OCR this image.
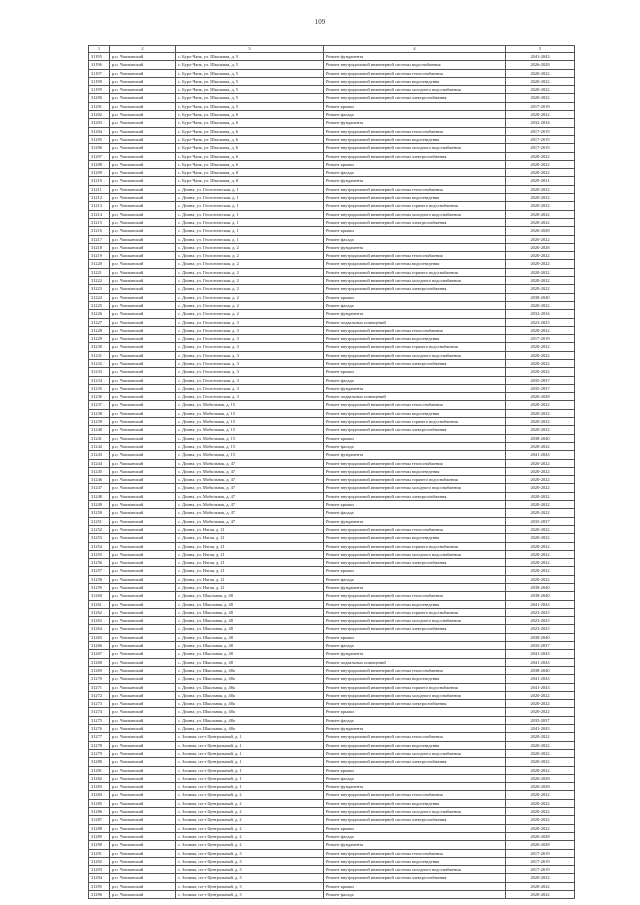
109
1	2	3	4	5
31195	р.п. Чаплынский	с. Бурл-Чань, ул. Школьная, д. 5	Ремонт фундамента	2041-2043
31196	р.п. Чаплынский	с. Бурл-Чань, ул. Школьная, д. 5	Ремонт внутридомовой инженерной системы водоснабжения	2026-2028
31197	р.п. Чаплынский	с. Бурл-Чань, ул. Школьная, д. 5	Ремонт внутридомовой инженерной системы теплоснабжения	2020-2022
31198	р.п. Чаплынский	с. Бурл-Чань, ул. Школьная, д. 5	Ремонт внутридомовой инженерной системы водоотведения	2020-2022
31199	р.п. Чаплынский	с. Бурл-Чань, ул. Школьная, д. 5	Ремонт внутридомовой инженерной системы холодного водоснабжения	2020-2022
31200	р.п. Чаплынский	с. Бурл-Чань, ул. Школьная, д. 5	Ремонт внутридомовой инженерной системы электроснабжения	2020-2022
31201	р.п. Чаплынский	с. Бурл-Чань, ул. Школьная, д. 5	Ремонт крыши	2017-2019
31202	р.п. Чаплынский	с. Бурл-Чань, ул. Школьная, д. 6	Ремонт фасада	2020-2022
31203	р.п. Чаплынский	с. Бурл-Чань, ул. Школьная, д. 6	Ремонт фундамента	2032-2034
31204	р.п. Чаплынский	с. Бурл-Чань, ул. Школьная, д. 6	Ремонт внутридомовой инженерной системы теплоснабжения	2017-2019
31205	р.п. Чаплынский	с. Бурл-Чань, ул. Школьная, д. 6	Ремонт внутридомовой инженерной системы водоотведения	2017-2019
31206	р.п. Чаплынский	с. Бурл-Чань, ул. Школьная, д. 6	Ремонт внутридомовой инженерной системы холодного водоснабжения	2017-2019
31207	р.п. Чаплынский	с. Бурл-Чань, ул. Школьная, д. 6	Ремонт внутридомовой инженерной системы электроснабжения	2020-2022
31208	р.п. Чаплынский	с. Бурл-Чань, ул. Школьная, д. 6	Ремонт крыши	2020-2022
31209	р.п. Чаплынский	с. Бурл-Чань, ул. Школьная, д. 8	Ремонт фасада	2020-2022
31210	р.п. Чаплынский	с. Бурл-Чань, ул. Школьная, д. 8	Ремонт фундамента	2029-2031
31211	р.п. Чаплынский	с. Домна, ул. Геологическая, д. 1	Ремонт внутридомовой инженерной системы теплоснабжения	2020-2022
31212	р.п. Чаплынский	с. Домна, ул. Геологическая, д. 1	Ремонт внутридомовой инженерной системы водоотведения	2020-2022
31213	р.п. Чаплынский	с. Домна, ул. Геологическая, д. 1	Ремонт внутридомовой инженерной системы горячего водоснабжения	2020-2022
31214	р.п. Чаплынский	с. Домна, ул. Геологическая, д. 1	Ремонт внутридомовой инженерной системы холодного водоснабжения	2020-2022
31215	р.п. Чаплынский	с. Домна, ул. Геологическая, д. 1	Ремонт внутридомовой инженерной системы электроснабжения	2020-2022
31216	р.п. Чаплынский	с. Домна, ул. Геологическая, д. 1	Ремонт крыши	2026-2028
31217	р.п. Чаплынский	с. Домна, ул. Геологическая, д. 1	Ремонт фасада	2020-2022
31218	р.п. Чаплынский	с. Домна, ул. Геологическая, д. 2	Ремонт фундамента	2026-2028
31219	р.п. Чаплынский	с. Домна, ул. Геологическая, д. 2	Ремонт внутридомовой инженерной системы теплоснабжения	2020-2022
31220	р.п. Чаплынский	с. Домна, ул. Геологическая, д. 2	Ремонт внутридомовой инженерной системы водоотведения	2020-2022
31221	р.п. Чаплынский	с. Домна, ул. Геологическая, д. 2	Ремонт внутридомовой инженерной системы горячего водоснабжения	2020-2022
31222	р.п. Чаплынский	с. Домна, ул. Геологическая, д. 2	Ремонт внутридомовой инженерной системы холодного водоснабжения	2020-2022
31223	р.п. Чаплынский	с. Домна, ул. Геологическая, д. 2	Ремонт внутридомовой инженерной системы электроснабжения	2020-2022
31224	р.п. Чаплынский	с. Домна, ул. Геологическая, д. 2	Ремонт крыши	2038-2040
31225	р.п. Чаплынский	с. Домна, ул. Геологическая, д. 2	Ремонт фасада	2020-2022
31226	р.п. Чаплынский	с. Домна, ул. Геологическая, д. 2	Ремонт фундамента	2032-2034
31227	р.п. Чаплынский	с. Домна, ул. Геологическая, д. 3	Ремонт подвальных помещений	2023-2025
31228	р.п. Чаплынский	с. Домна, ул. Геологическая, д. 3	Ремонт внутридомовой инженерной системы теплоснабжения	2020-2022
31229	р.п. Чаплынский	с. Домна, ул. Геологическая, д. 3	Ремонт внутридомовой инженерной системы водоотведения	2017-2019
31230	р.п. Чаплынский	с. Домна, ул. Геологическая, д. 3	Ремонт внутридомовой инженерной системы горячего водоснабжения	2020-2022
31231	р.п. Чаплынский	с. Домна, ул. Геологическая, д. 3	Ремонт внутридомовой инженерной системы холодного водоснабжения	2020-2022
31232	р.п. Чаплынский	с. Домна, ул. Геологическая, д. 3	Ремонт внутридомовой инженерной системы электроснабжения	2020-2022
31233	р.п. Чаплынский	с. Домна, ул. Геологическая, д. 3	Ремонт крыши	2020-2022
31234	р.п. Чаплынский	с. Домна, ул. Геологическая, д. 3	Ремонт фасада	2035-2037
31235	р.п. Чаплынский	с. Домна, ул. Геологическая, д. 3	Ремонт фундамента	2035-2037
31236	р.п. Чаплынский	с. Домна, ул. Геологическая, д. 3	Ремонт подвальных помещений	2026-2028
31237	р.п. Чаплынский	с. Домна, ул. Мобильная, д. 15	Ремонт внутридомовой инженерной системы теплоснабжения	2020-2022
31238	р.п. Чаплынский	с. Домна, ул. Мобильная, д. 15	Ремонт внутридомовой инженерной системы водоотведения	2020-2022
31239	р.п. Чаплынский	с. Домна, ул. Мобильная, д. 15	Ремонт внутридомовой инженерной системы горячего водоснабжения	2020-2022
31240	р.п. Чаплынский	с. Домна, ул. Мобильная, д. 15	Ремонт внутридомовой инженерной системы электроснабжения	2020-2022
31241	р.п. Чаплынский	с. Домна, ул. Мобильная, д. 15	Ремонт крыши	2038-2040
31242	р.п. Чаплынский	с. Домна, ул. Мобильная, д. 15	Ремонт фасада	2020-2022
31243	р.п. Чаплынский	с. Домна, ул. Мобильная, д. 15	Ремонт фундамента	2041-2043
31244	р.п. Чаплынский	с. Домна, ул. Мобильная, д. 47	Ремонт внутридомовой инженерной системы теплоснабжения	2020-2022
31245	р.п. Чаплынский	с. Домна, ул. Мобильная, д. 47	Ремонт внутридомовой инженерной системы водоотведения	2020-2022
31246	р.п. Чаплынский	с. Домна, ул. Мобильная, д. 47	Ремонт внутридомовой инженерной системы горячего водоснабжения	2020-2022
31247	р.п. Чаплынский	с. Домна, ул. Мобильная, д. 47	Ремонт внутридомовой инженерной системы холодного водоснабжения	2020-2022
31248	р.п. Чаплынский	с. Домна, ул. Мобильная, д. 47	Ремонт внутридомовой инженерной системы электроснабжения	2020-2022
31249	р.п. Чаплынский	с. Домна, ул. Мобильная, д. 47	Ремонт крыши	2020-2022
31250	р.п. Чаплынский	с. Домна, ул. Мобильная, д. 47	Ремонт фасада	2020-2022
31251	р.п. Чаплынский	с. Домна, ул. Мобильная, д. 47	Ремонт фундамента	2035-2037
31252	р.п. Чаплынский	с. Домна, ул. Нагая, д. 21	Ремонт внутридомовой инженерной системы теплоснабжения	2020-2022
31253	р.п. Чаплынский	с. Домна, ул. Нагая, д. 21	Ремонт внутридомовой инженерной системы водоотведения	2020-2022
31254	р.п. Чаплынский	с. Домна, ул. Нагая, д. 21	Ремонт внутридомовой инженерной системы горячего водоснабжения	2020-2022
31255	р.п. Чаплынский	с. Домна, ул. Нагая, д. 21	Ремонт внутридомовой инженерной системы холодного водоснабжения	2020-2022
31256	р.п. Чаплынский	с. Домна, ул. Нагая, д. 21	Ремонт внутридомовой инженерной системы электроснабжения	2020-2022
31257	р.п. Чаплынский	с. Домна, ул. Нагая, д. 21	Ремонт крыши	2020-2022
31258	р.п. Чаплынский	с. Домна, ул. Нагая, д. 21	Ремонт фасада	2020-2022
31259	р.п. Чаплынский	с. Домна, ул. Нагая, д. 21	Ремонт фундамента	2038-2040
31260	р.п. Чаплынский	с. Домна, ул. Школьная, д. 48	Ремонт внутридомовой инженерной системы теплоснабжения	2038-2040
31261	р.п. Чаплынский	с. Домна, ул. Школьная, д. 48	Ремонт внутридомовой инженерной системы водоотведения	2041-2043
31262	р.п. Чаплынский	с. Домна, ул. Школьная, д. 48	Ремонт внутридомовой инженерной системы горячего водоснабжения	2023-2025
31263	р.п. Чаплынский	с. Домна, ул. Школьная, д. 48	Ремонт внутридомовой инженерной системы холодного водоснабжения	2023-2025
31264	р.п. Чаплынский	с. Домна, ул. Школьная, д. 48	Ремонт внутридомовой инженерной системы электроснабжения	2023-2025
31265	р.п. Чаплынский	с. Домна, ул. Школьная, д. 48	Ремонт крыши	2038-2040
31266	р.п. Чаплынский	с. Домна, ул. Школьная, д. 48	Ремонт фасада	2035-2037
31267	р.п. Чаплынский	с. Домна, ул. Школьная, д. 48	Ремонт фундамента	2041-2043
31268	р.п. Чаплынский	с. Домна, ул. Школьная, д. 48	Ремонт подвальных помещений	2041-2043
31269	р.п. Чаплынский	с. Домна, ул. Школьная, д. 48а	Ремонт внутридомовой инженерной системы теплоснабжения	2038-2040
31270	р.п. Чаплынский	с. Домна, ул. Школьная, д. 48а	Ремонт внутридомовой инженерной системы водоотведения	2041-2043
31271	р.п. Чаплынский	с. Домна, ул. Школьная, д. 48а	Ремонт внутридомовой инженерной системы горячего водоснабжения	2041-2043
31272	р.п. Чаплынский	с. Домна, ул. Школьная, д. 48а	Ремонт внутридомовой инженерной системы холодного водоснабжения	2020-2022
31273	р.п. Чаплынский	с. Домна, ул. Школьная, д. 48а	Ремонт внутридомовой инженерной системы электроснабжения	2020-2022
31274	р.п. Чаплынский	с. Домна, ул. Школьная, д. 48а	Ремонт крыши	2020-2022
31275	р.п. Чаплынский	с. Домна, ул. Школьная, д. 48а	Ремонт фасада	2035-2037
31276	р.п. Чаплынский	с. Домна, ул. Школьная, д. 48а	Ремонт фундамента	2041-2043
31277	р.п. Чаплынский	с. Зоомма, пл-т Центральный, д. 1	Ремонт внутридомовой инженерной системы теплоснабжения	2020-2022
31278	р.п. Чаплынский	с. Зоомма, пл-т Центральный, д. 1	Ремонт внутридомовой инженерной системы водоотведения	2020-2022
31279	р.п. Чаплынский	с. Зоомма, пл-т Центральный, д. 1	Ремонт внутридомовой инженерной системы холодного водоснабжения	2020-2022
31280	р.п. Чаплынский	с. Зоомма, пл-т Центральный, д. 1	Ремонт внутридомовой инженерной системы электроснабжения	2020-2022
31281	р.п. Чаплынский	с. Зоомма, пл-т Центральный, д. 1	Ремонт крыши	2020-2022
31282	р.п. Чаплынский	с. Зоомма, пл-т Центральный, д. 1	Ремонт фасада	2026-2028
31283	р.п. Чаплынский	с. Зоомма, пл-т Центральный, д. 1	Ремонт фундамента	2026-2028
31284	р.п. Чаплынский	с. Зоомма, пл-т Центральный, д. 2	Ремонт внутридомовой инженерной системы теплоснабжения	2020-2022
31285	р.п. Чаплынский	с. Зоомма, пл-т Центральный, д. 2	Ремонт внутридомовой инженерной системы водоотведения	2020-2022
31286	р.п. Чаплынский	с. Зоомма, пл-т Центральный, д. 2	Ремонт внутридомовой инженерной системы холодного водоснабжения	2020-2022
31287	р.п. Чаплынский	с. Зоомма, пл-т Центральный, д. 2	Ремонт внутридомовой инженерной системы электроснабжения	2020-2022
31288	р.п. Чаплынский	с. Зоомма, пл-т Центральный, д. 2	Ремонт крыши	2020-2022
31289	р.п. Чаплынский	с. Зоомма, пл-т Центральный, д. 2	Ремонт фасада	2026-2028
31290	р.п. Чаплынский	с. Зоомма, пл-т Центральный, д. 2	Ремонт фундамента	2026-2028
31291	р.п. Чаплынский	с. Зоомма, пл-т Центральный, д. 3	Ремонт внутридомовой инженерной системы теплоснабжения	2017-2019
31292	р.п. Чаплынский	с. Зоомма, пл-т Центральный, д. 3	Ремонт внутридомовой инженерной системы водоотведения	2017-2019
31293	р.п. Чаплынский	с. Зоомма, пл-т Центральный, д. 3	Ремонт внутридомовой инженерной системы холодного водоснабжения	2017-2019
31294	р.п. Чаплынский	с. Зоомма, пл-т Центральный, д. 3	Ремонт внутридомовой инженерной системы электроснабжения	2020-2022
31295	р.п. Чаплынский	с. Зоомма, пл-т Центральный, д. 3	Ремонт крыши	2020-2022
31296	р.п. Чаплынский	с. Зоомма, пл-т Центральный, д. 3	Ремонт фасада	2020-2022
